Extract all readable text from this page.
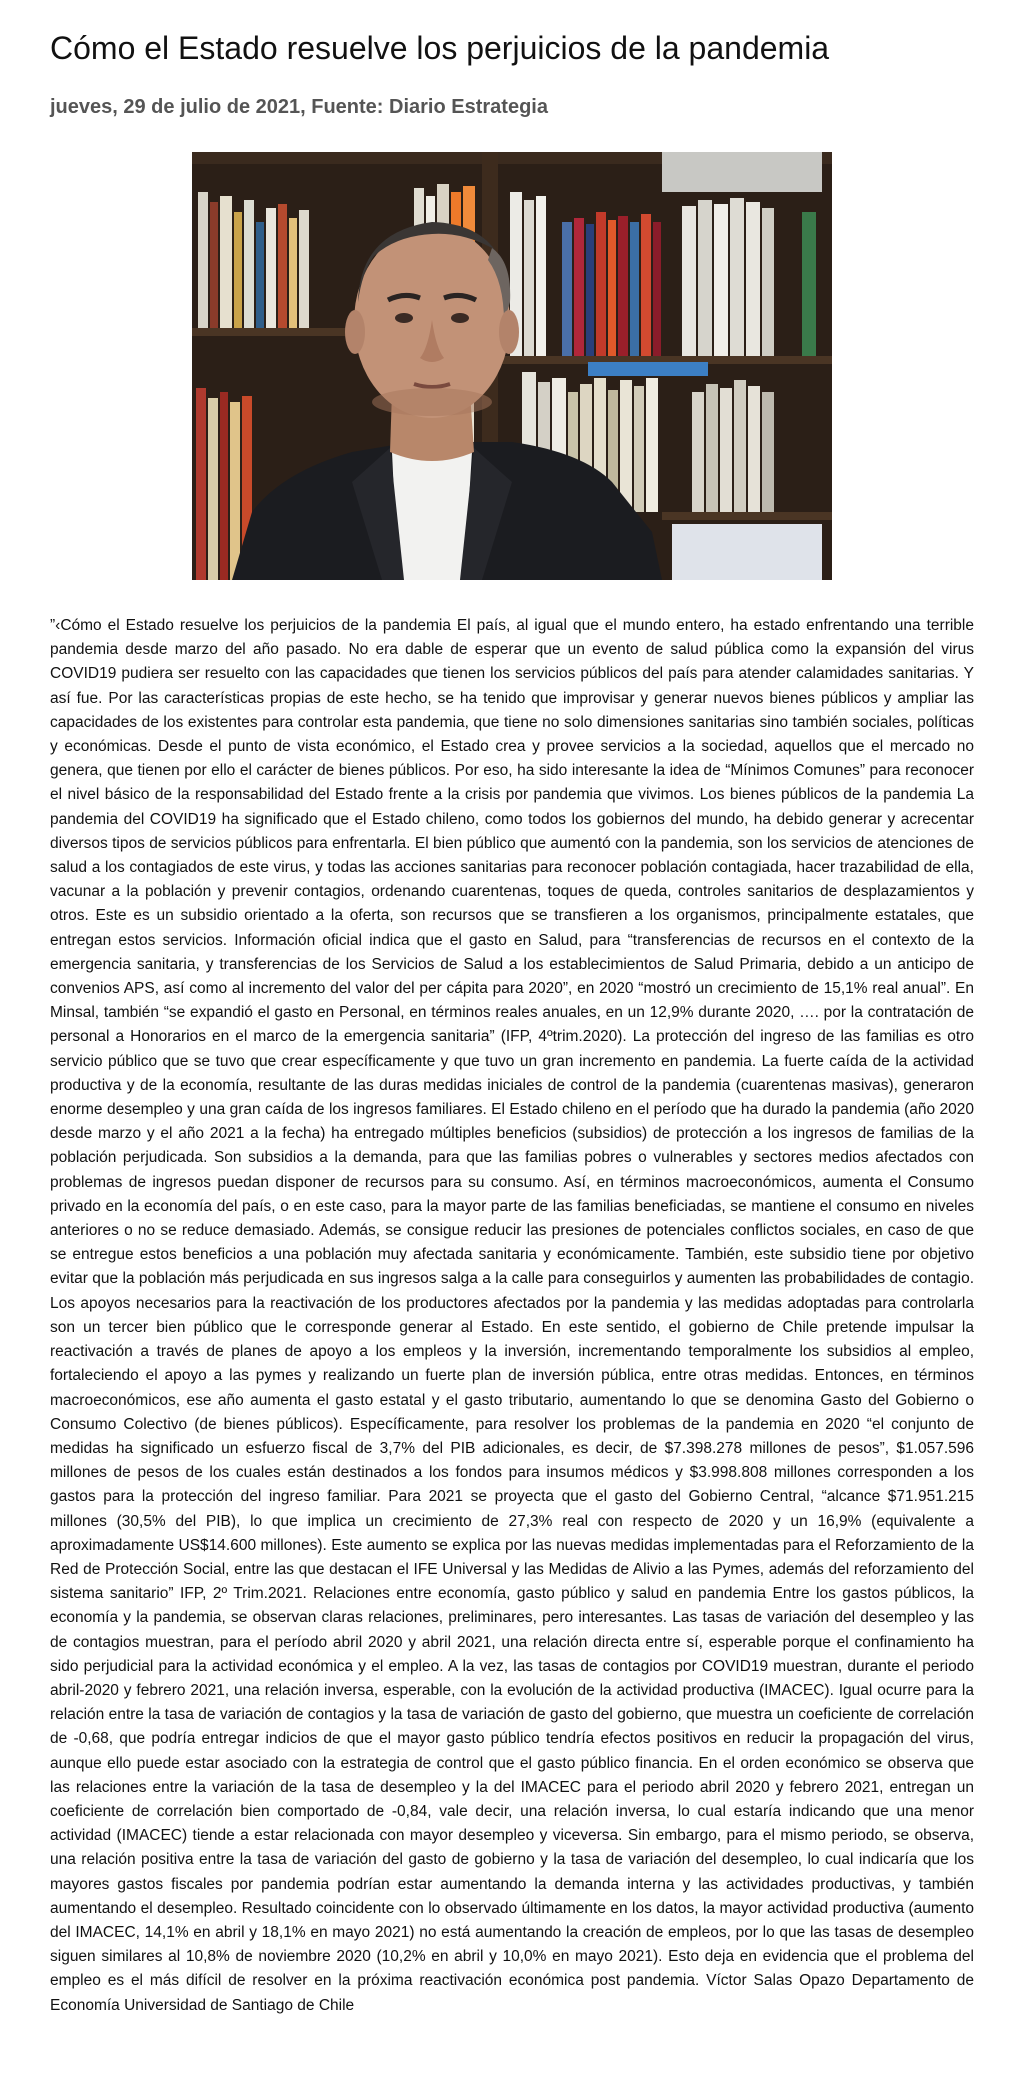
Cómo el Estado resuelve los perjuicios de la pandemia

jueves, 29 de julio de 2021, Fuente: Diario Estrategia

”‹Cómo el Estado resuelve los perjuicios de la pandemia El país, al igual que el mundo entero, ha estado enfrentando una terrible pandemia desde marzo del año pasado. No era dable de esperar que un evento de salud pública como la expansión del virus COVID19 pudiera ser resuelto con las capacidades que tienen los servicios públicos del país para atender calamidades sanitarias. Y así fue. Por las características propias de este hecho, se ha tenido que improvisar y generar nuevos bienes públicos y ampliar las capacidades de los existentes para controlar esta pandemia, que tiene no solo dimensiones sanitarias sino también sociales, políticas y económicas. Desde el punto de vista económico, el Estado crea y provee servicios a la sociedad, aquellos que el mercado no genera, que tienen por ello el carácter de bienes públicos. Por eso, ha sido interesante la idea de “Mínimos Comunes” para reconocer el nivel básico de la responsabilidad del Estado frente a la crisis por pandemia que vivimos. Los bienes públicos de la pandemia La pandemia del COVID19 ha significado que el Estado chileno, como todos los gobiernos del mundo, ha debido generar y acrecentar diversos tipos de servicios públicos para enfrentarla. El bien público que aumentó con la pandemia, son los servicios de atenciones de salud a los contagiados de este virus, y todas las acciones sanitarias para reconocer población contagiada, hacer trazabilidad de ella, vacunar a la población y prevenir contagios, ordenando cuarentenas, toques de queda, controles sanitarios de desplazamientos y otros. Este es un subsidio orientado a la oferta, son recursos que se transfieren a los organismos, principalmente estatales, que entregan estos servicios. Información oficial indica que el gasto en Salud, para “transferencias de recursos en el contexto de la emergencia sanitaria, y transferencias de los Servicios de Salud a los establecimientos de Salud Primaria, debido a un anticipo de convenios APS, así como al incremento del valor del per cápita para 2020”, en 2020 “mostró un crecimiento de 15,1% real anual”. En Minsal, también “se expandió el gasto en Personal, en términos reales anuales, en un 12,9% durante 2020, …. por la contratación de personal a Honorarios en el marco de la emergencia sanitaria” (IFP, 4ºtrim.2020). La protección del ingreso de las familias es otro servicio público que se tuvo que crear específicamente y que tuvo un gran incremento en pandemia. La fuerte caída de la actividad productiva y de la economía, resultante de las duras medidas iniciales de control de la pandemia (cuarentenas masivas), generaron enorme desempleo y una gran caída de los ingresos familiares. El Estado chileno en el período que ha durado la pandemia (año 2020 desde marzo y el año 2021 a la fecha) ha entregado múltiples beneficios (subsidios) de protección a los ingresos de familias de la población perjudicada. Son subsidios a la demanda, para que las familias pobres o vulnerables y sectores medios afectados con problemas de ingresos puedan disponer de recursos para su consumo. Así, en términos macroeconómicos, aumenta el Consumo privado en la economía del país, o en este caso, para la mayor parte de las familias beneficiadas, se mantiene el consumo en niveles anteriores o no se reduce demasiado. Además, se consigue reducir las presiones de potenciales conflictos sociales, en caso de que se entregue estos beneficios a una población muy afectada sanitaria y económicamente. También, este subsidio tiene por objetivo evitar que la población más perjudicada en sus ingresos salga a la calle para conseguirlos y aumenten las probabilidades de contagio. Los apoyos necesarios para la reactivación de los productores afectados por la pandemia y las medidas adoptadas para controlarla son un tercer bien público que le corresponde generar al Estado. En este sentido, el gobierno de Chile pretende impulsar la reactivación a través de planes de apoyo a los empleos y la inversión, incrementando temporalmente los subsidios al empleo, fortaleciendo el apoyo a las pymes y realizando un fuerte plan de inversión pública, entre otras medidas. Entonces, en términos macroeconómicos, ese año aumenta el gasto estatal y el gasto tributario, aumentando lo que se denomina Gasto del Gobierno o Consumo Colectivo (de bienes públicos). Específicamente, para resolver los problemas de la pandemia en 2020 “el conjunto de medidas ha significado un esfuerzo fiscal de 3,7% del PIB adicionales, es decir, de $7.398.278 millones de pesos”, $1.057.596 millones de pesos de los cuales están destinados a los fondos para insumos médicos y $3.998.808 millones corresponden a los gastos para la protección del ingreso familiar. Para 2021 se proyecta que el gasto del Gobierno Central, “alcance $71.951.215 millones (30,5% del PIB), lo que implica un crecimiento de 27,3% real con respecto de 2020 y un 16,9% (equivalente a aproximadamente US$14.600 millones). Este aumento se explica por las nuevas medidas implementadas para el Reforzamiento de la Red de Protección Social, entre las que destacan el IFE Universal y las Medidas de Alivio a las Pymes, además del reforzamiento del sistema sanitario” IFP, 2º Trim.2021. Relaciones entre economía, gasto público y salud en pandemia Entre los gastos públicos, la economía y la pandemia, se observan claras relaciones, preliminares, pero interesantes. Las tasas de variación del desempleo y las de contagios muestran, para el período abril 2020 y abril 2021, una relación directa entre sí, esperable porque el confinamiento ha sido perjudicial para la actividad económica y el empleo. A la vez, las tasas de contagios por COVID19 muestran, durante el periodo abril-2020 y febrero 2021, una relación inversa, esperable, con la evolución de la actividad productiva (IMACEC). Igual ocurre para la relación entre la tasa de variación de contagios y la tasa de variación de gasto del gobierno, que muestra un coeficiente de correlación de -0,68, que podría entregar indicios de que el mayor gasto público tendría efectos positivos en reducir la propagación del virus, aunque ello puede estar asociado con la estrategia de control que el gasto público financia. En el orden económico se observa que las relaciones entre la variación de la tasa de desempleo y la del IMACEC para el periodo abril 2020 y febrero 2021, entregan un coeficiente de correlación bien comportado de -0,84, vale decir, una relación inversa, lo cual estaría indicando que una menor actividad (IMACEC) tiende a estar relacionada con mayor desempleo y viceversa. Sin embargo, para el mismo periodo, se observa, una relación positiva entre la tasa de variación del gasto de gobierno y la tasa de variación del desempleo, lo cual indicaría que los mayores gastos fiscales por pandemia podrían estar aumentando la demanda interna y las actividades productivas, y también aumentando el desempleo. Resultado coincidente con lo observado últimamente en los datos, la mayor actividad productiva (aumento del IMACEC, 14,1% en abril y 18,1% en mayo 2021) no está aumentando la creación de empleos, por lo que las tasas de desempleo siguen similares al 10,8% de noviembre 2020 (10,2% en abril y 10,0% en mayo 2021). Esto deja en evidencia que el problema del empleo es el más difícil de resolver en la próxima reactivación económica post pandemia. Víctor Salas Opazo Departamento de Economía Universidad de Santiago de Chile
